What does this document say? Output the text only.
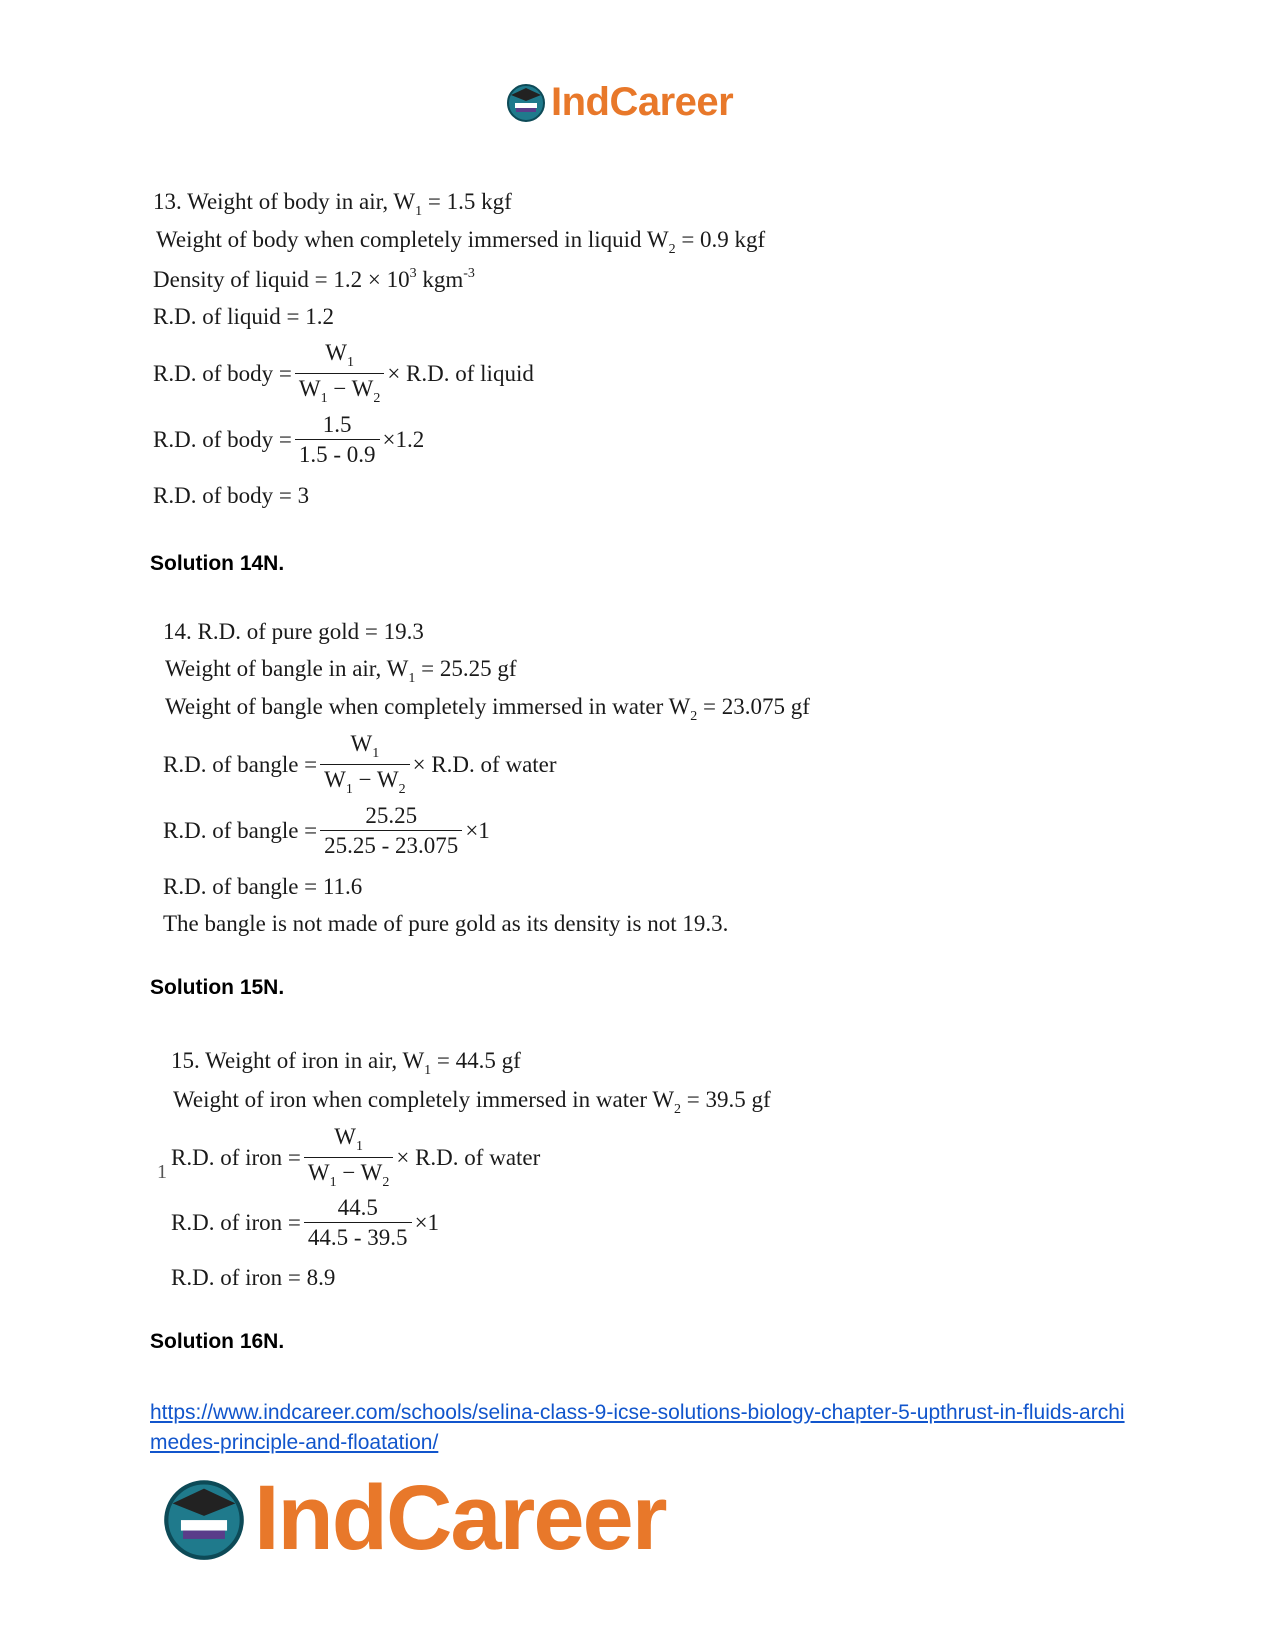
IndCareer
13. Weight of body in air, $W_1 = 1.5$ kgf
Weight of body when completely immersed in liquid $W_2 = 0.9$ kgf
Density of liquid = $1.2 \times 10^3$ kgm$^{-3}$
R.D. of liquid = 1.2
R.D. of body = $\frac{W_1}{W_1 - W_2} \times R.D$. of liquid
R.D. of body = $\frac{1.5}{1.5 - 0.9} \times 1.2$
R.D. of body = 3
Solution 14N.
14. R.D. of pure gold = 19.3
Weight of bangle in air, $W_1 = 25.25$ gf
Weight of bangle when completely immersed in water $W_2 = 23.075$ gf
R.D. of bangle = $\frac{W_1}{W_1 - W_2} \times R.D$. of water
R.D. of bangle = $\frac{25.25}{25.25 - 23.075} \times 1$
R.D. of bangle = 11.6
The bangle is not made of pure gold as its density is not 19.3.
Solution 15N.
15. Weight of iron in air, $W_1 = 44.5$ gf
Weight of iron when completely immersed in water $W_2 = 39.5$ gf
1
R.D. of iron = $\frac{W_1}{W_1 - W_2} \times R.D$. of water
R.D. of iron = $\frac{44.5}{44.5 - 39.5} \times 1$
R.D. of iron = 8.9
Solution 16N.
https://www.indcareer.com/schools/selina-class-9-icse-solutions-biology-chapter-5-upthrust-in-fluids-archimedes-principle-and-floatation/
IndCareer
